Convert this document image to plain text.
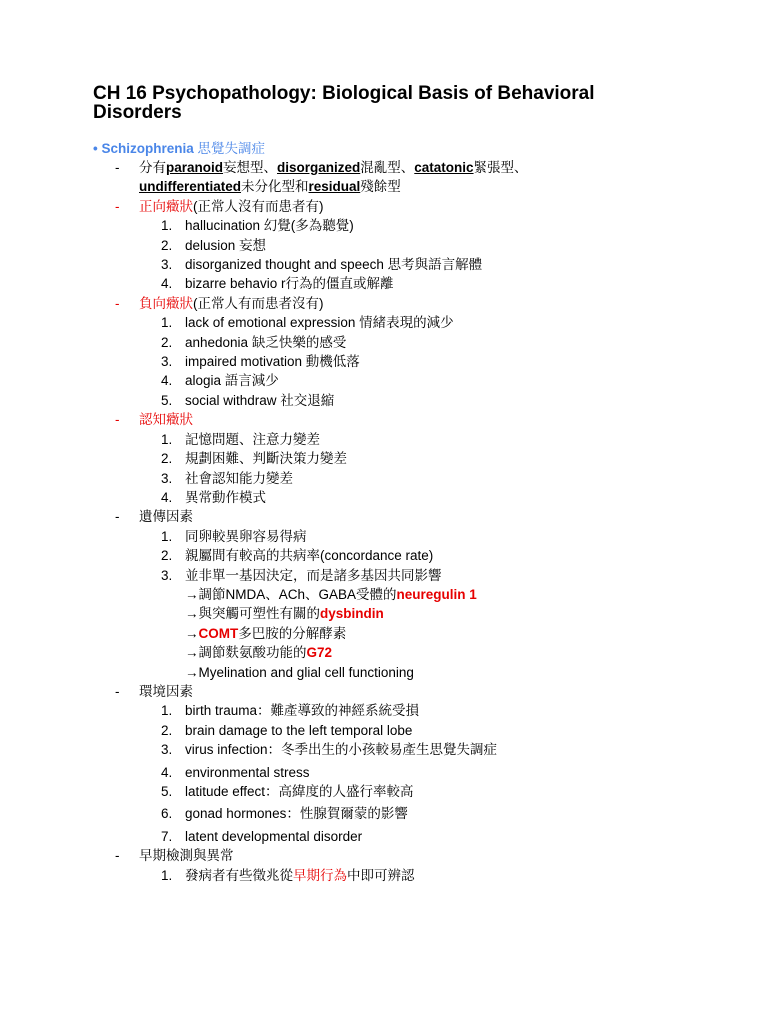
CH 16 Psychopathology: Biological Basis of Behavioral
Disorders
• Schizophrenia 思覺失調症
- 分有paranoid妄想型、disorganized混亂型、catatonic緊張型、
undifferentiated未分化型和residual殘餘型
- 正向癥狀(正常人沒有而患者有)
1. hallucination 幻覺(多為聽覺)
2. delusion 妄想
3. disorganized thought and speech 思考與語言解體
4. bizarre behavio r行為的僵直或解離
- 負向癥狀(正常人有而患者沒有)
1. lack of emotional expression 情緒表現的減少
2. anhedonia 缺乏快樂的感受
3. impaired motivation 動機低落
4. alogia 語言減少
5. social withdraw 社交退縮
- 認知癥狀
1. 記憶問題、注意力變差
2. 規劃困難、判斷決策力變差
3. 社會認知能力變差
4. 異常動作模式
- 遺傳因素
1. 同卵較異卵容易得病
2. 親屬間有較高的共病率(concordance rate)
3. 並非單一基因決定，而是諸多基因共同影響
→調節NMDA、ACh、GABA受體的neuregulin 1
→與突觸可塑性有關的dysbindin
→COMT多巴胺的分解酵素
→調節麩氨酸功能的G72
→Myelination and glial cell functioning
- 環境因素
1. birth trauma：難產導致的神經系統受損
2. brain damage to the left temporal lobe
3. virus infection：冬季出生的小孩較易產生思覺失調症
4. environmental stress
5. latitude effect：高緯度的人盛行率較高
6. gonad hormones：性腺賀爾蒙的影響
7. latent developmental disorder
- 早期檢測與異常
1. 發病者有些徵兆從早期行為中即可辨認
